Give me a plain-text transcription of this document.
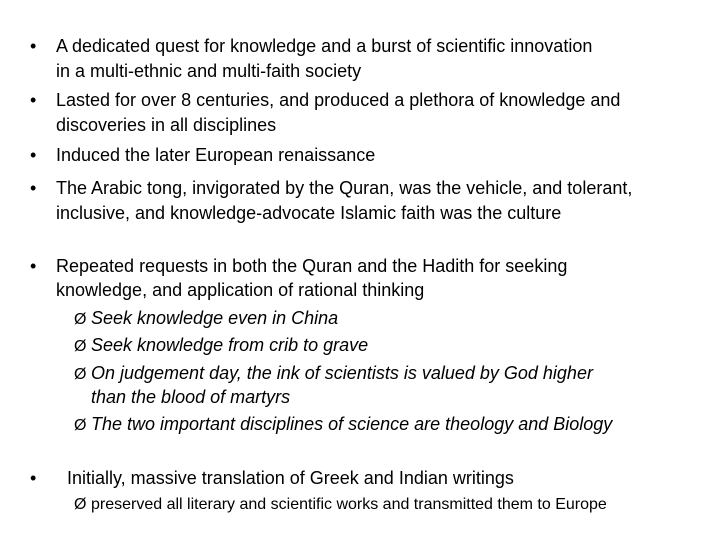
• A dedicated quest for knowledge and a burst of scientific innovation
in a multi-ethnic and multi-faith society
• Lasted for over 8 centuries, and produced a plethora of knowledge and
discoveries in all disciplines
• Induced the later European renaissance
• The Arabic tong, invigorated by the Quran, was the vehicle, and tolerant,
inclusive, and knowledge-advocate Islamic faith was the culture
• Repeated requests in both the Quran and the Hadith for seeking
knowledge, and application of rational thinking
Ø Seek knowledge even in China
Ø Seek knowledge from crib to grave
Ø On judgement day, the ink of scientists is valued by God higher
than the blood of martyrs
Ø The two important disciplines of science are theology and Biology
• Initially, massive translation of Greek and Indian writings
Ø preserved all literary and scientific works and transmitted them to Europe
